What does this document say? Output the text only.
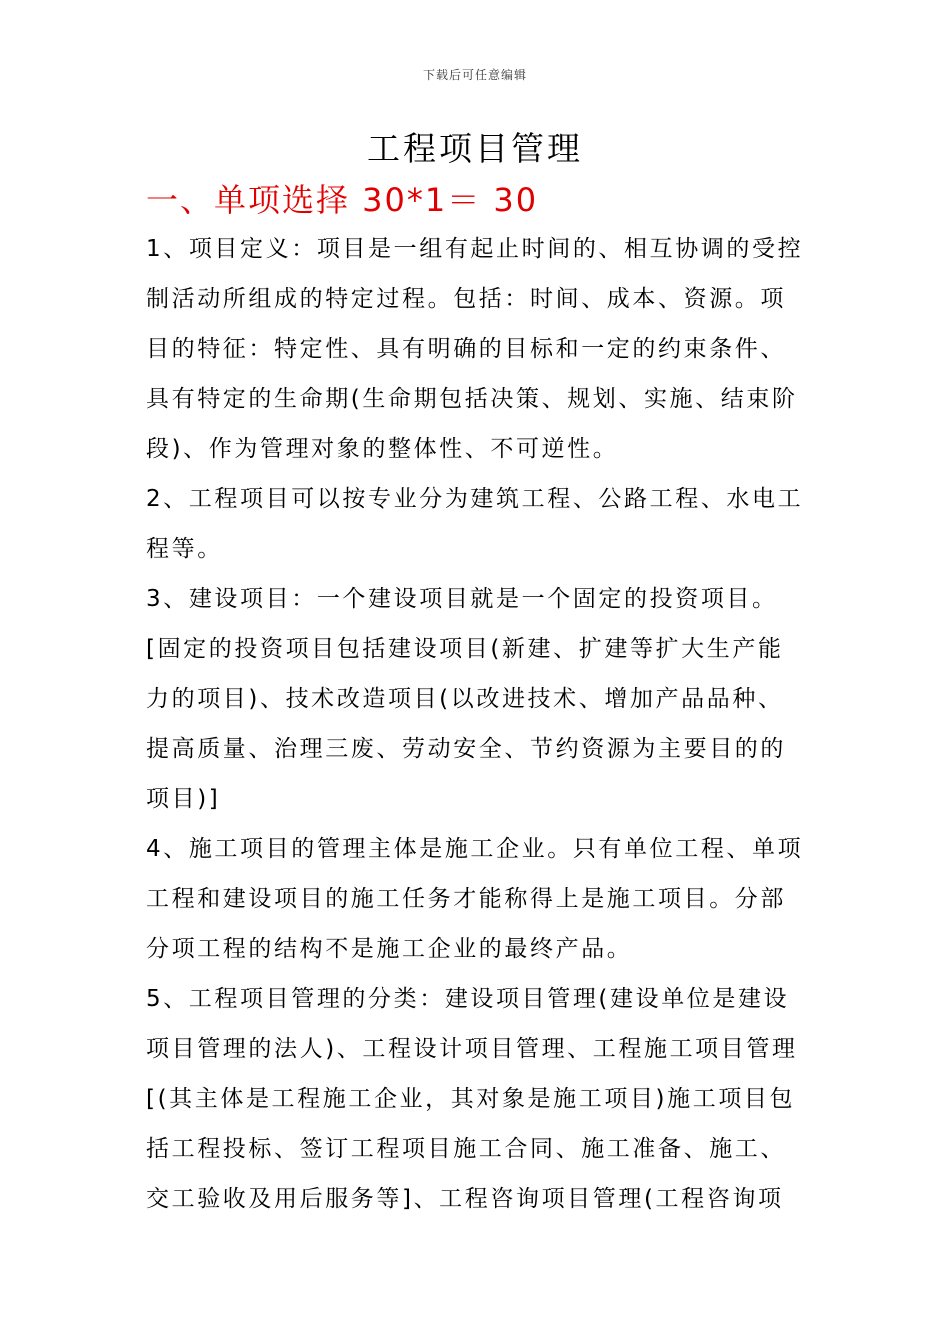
下载后可任意编辑
工程项目管理
一、单项选择 30*1＝ 30
1、项目定义：项目是一组有起止时间的、相互协调的受控
制活动所组成的特定过程。包括：时间、成本、资源。项
目的特征：特定性、具有明确的目标和一定的约束条件、
具有特定的生命期(生命期包括决策、规划、实施、结束阶
段)、作为管理对象的整体性、不可逆性。
2、工程项目可以按专业分为建筑工程、公路工程、水电工
程等。
3、建设项目：一个建设项目就是一个固定的投资项目。
[固定的投资项目包括建设项目(新建、扩建等扩大生产能
力的项目)、技术改造项目(以改进技术、增加产品品种、
提高质量、治理三废、劳动安全、节约资源为主要目的的
项目)]
4、施工项目的管理主体是施工企业。只有单位工程、单项
工程和建设项目的施工任务才能称得上是施工项目。分部
分项工程的结构不是施工企业的最终产品。
5、工程项目管理的分类：建设项目管理(建设单位是建设
项目管理的法人)、工程设计项目管理、工程施工项目管理
[(其主体是工程施工企业，其对象是施工项目)施工项目包
括工程投标、签订工程项目施工合同、施工准备、施工、
交工验收及用后服务等]、工程咨询项目管理(工程咨询项
